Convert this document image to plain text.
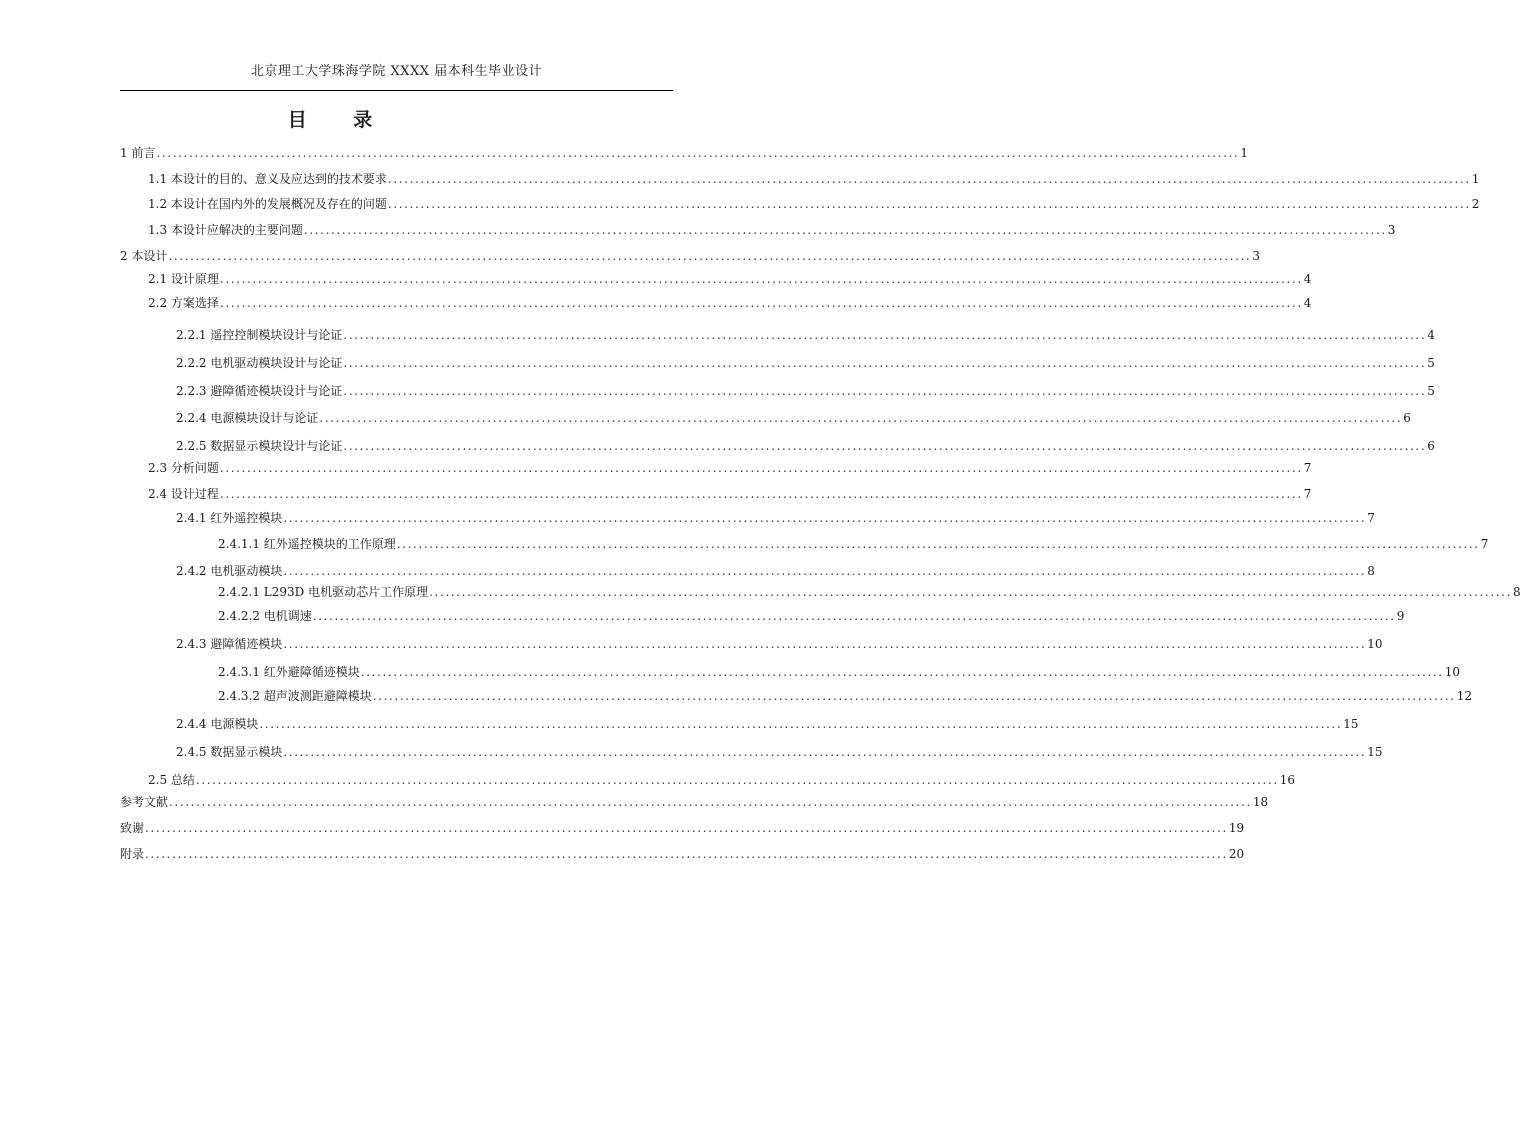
北京理工大学珠海学院 XXXX 届本科生毕业设计
目 录
1 前言 ........................................................................................................................................................................................................ 1
1.1 本设计的目的、意义及应达到的技术要求 ........................................................................................................................................................................................................ 1
1.2 本设计在国内外的发展概况及存在的问题 ........................................................................................................................................................................................................ 2
1.3 本设计应解决的主要问题 ........................................................................................................................................................................................................ 3
2 本设计 ........................................................................................................................................................................................................ 3
2.1 设计原理 ........................................................................................................................................................................................................ 4
2.2 方案选择 ........................................................................................................................................................................................................ 4
2.2.1 遥控控制模块设计与论证 ........................................................................................................................................................................................................ 4
2.2.2 电机驱动模块设计与论证 ........................................................................................................................................................................................................ 5
2.2.3 避障循迹模块设计与论证 ........................................................................................................................................................................................................ 5
2.2.4 电源模块设计与论证 ........................................................................................................................................................................................................ 6
2.2.5 数据显示模块设计与论证 ........................................................................................................................................................................................................ 6
2.3 分析问题 ........................................................................................................................................................................................................ 7
2.4 设计过程 ........................................................................................................................................................................................................ 7
2.4.1 红外遥控模块 ........................................................................................................................................................................................................ 7
2.4.1.1 红外遥控模块的工作原理 ........................................................................................................................................................................................................ 7
2.4.2 电机驱动模块 ........................................................................................................................................................................................................ 8
2.4.2.1 L293D 电机驱动芯片工作原理 ........................................................................................................................................................................................................ 8
2.4.2.2 电机调速 ........................................................................................................................................................................................................ 9
2.4.3 避障循迹模块 ........................................................................................................................................................................................................ 10
2.4.3.1 红外避障循迹模块 ........................................................................................................................................................................................................ 10
2.4.3.2 超声波测距避障模块 ........................................................................................................................................................................................................ 12
2.4.4 电源模块 ........................................................................................................................................................................................................ 15
2.4.5 数据显示模块 ........................................................................................................................................................................................................ 15
2.5 总结 ........................................................................................................................................................................................................ 16
参考文献 ........................................................................................................................................................................................................ 18
致谢 ........................................................................................................................................................................................................ 19
附录 ........................................................................................................................................................................................................ 20
